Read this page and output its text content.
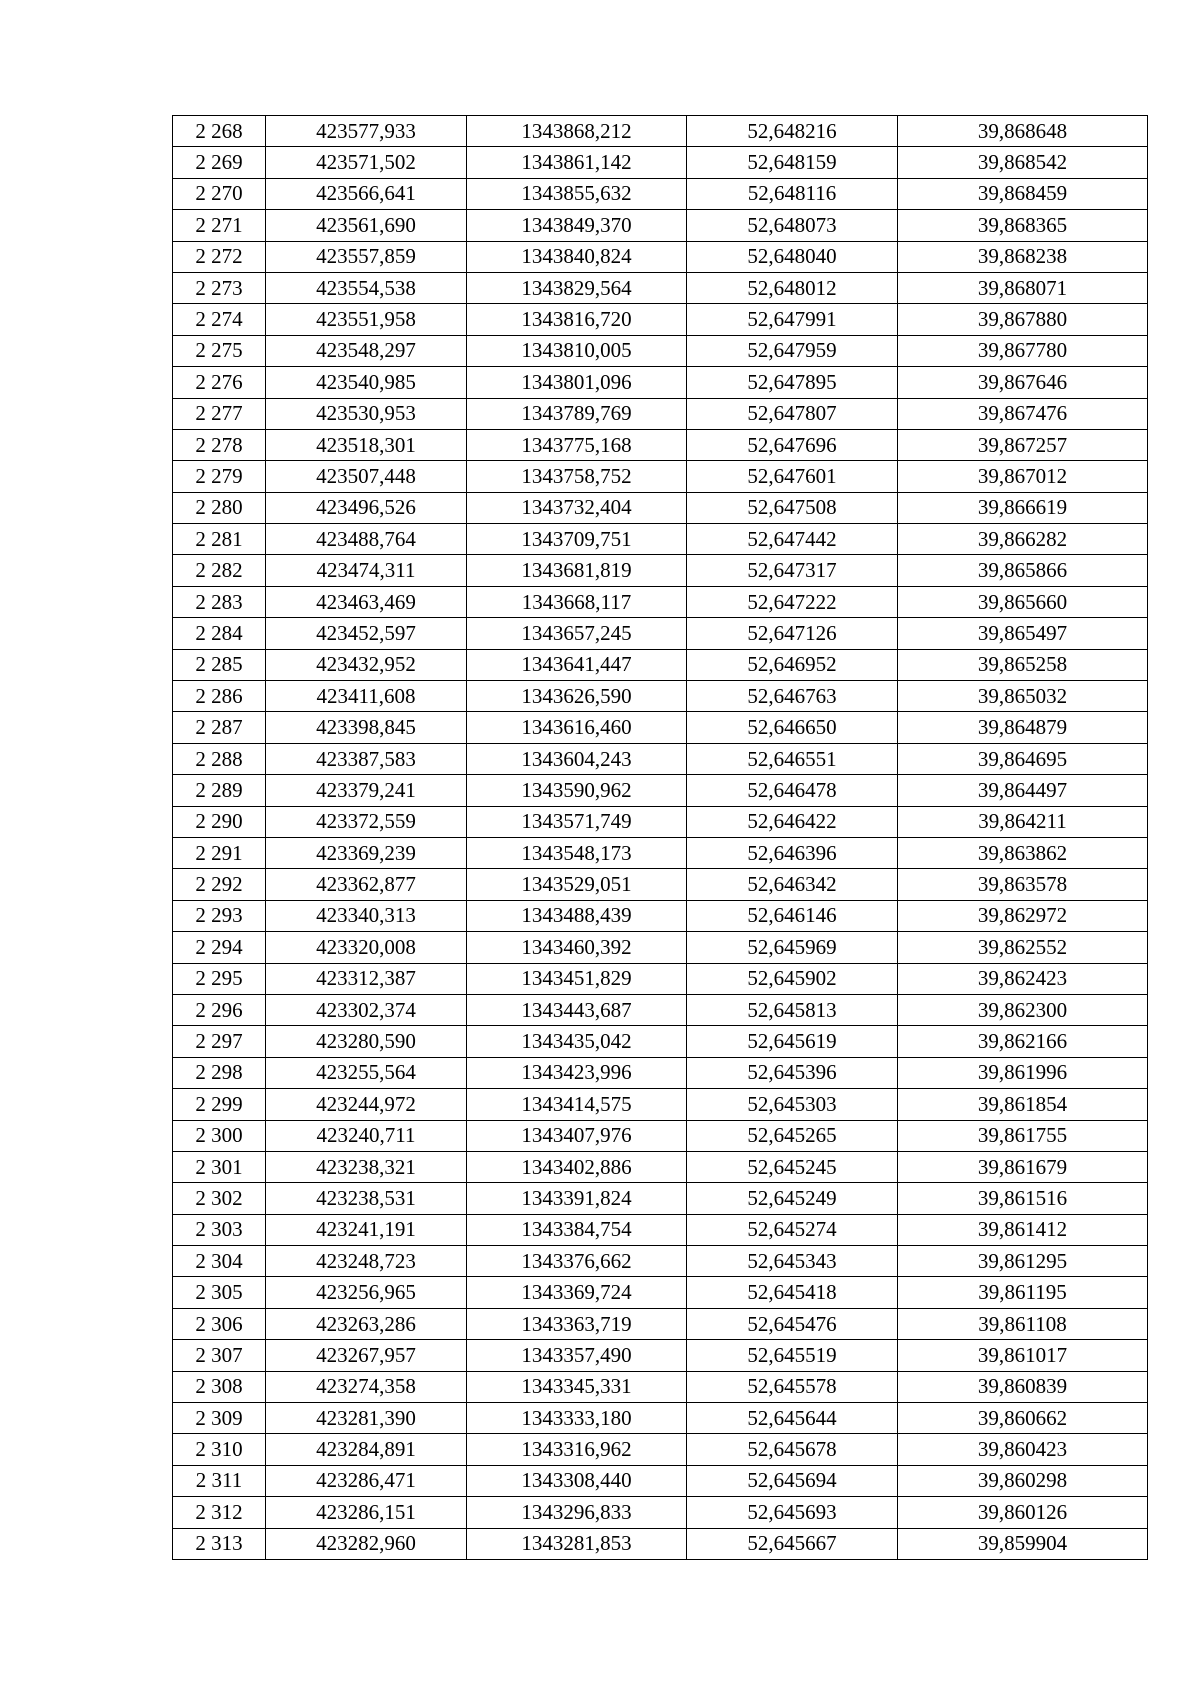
2 268	423577,933	1343868,212	52,648216	39,868648
2 269	423571,502	1343861,142	52,648159	39,868542
2 270	423566,641	1343855,632	52,648116	39,868459
2 271	423561,690	1343849,370	52,648073	39,868365
2 272	423557,859	1343840,824	52,648040	39,868238
2 273	423554,538	1343829,564	52,648012	39,868071
2 274	423551,958	1343816,720	52,647991	39,867880
2 275	423548,297	1343810,005	52,647959	39,867780
2 276	423540,985	1343801,096	52,647895	39,867646
2 277	423530,953	1343789,769	52,647807	39,867476
2 278	423518,301	1343775,168	52,647696	39,867257
2 279	423507,448	1343758,752	52,647601	39,867012
2 280	423496,526	1343732,404	52,647508	39,866619
2 281	423488,764	1343709,751	52,647442	39,866282
2 282	423474,311	1343681,819	52,647317	39,865866
2 283	423463,469	1343668,117	52,647222	39,865660
2 284	423452,597	1343657,245	52,647126	39,865497
2 285	423432,952	1343641,447	52,646952	39,865258
2 286	423411,608	1343626,590	52,646763	39,865032
2 287	423398,845	1343616,460	52,646650	39,864879
2 288	423387,583	1343604,243	52,646551	39,864695
2 289	423379,241	1343590,962	52,646478	39,864497
2 290	423372,559	1343571,749	52,646422	39,864211
2 291	423369,239	1343548,173	52,646396	39,863862
2 292	423362,877	1343529,051	52,646342	39,863578
2 293	423340,313	1343488,439	52,646146	39,862972
2 294	423320,008	1343460,392	52,645969	39,862552
2 295	423312,387	1343451,829	52,645902	39,862423
2 296	423302,374	1343443,687	52,645813	39,862300
2 297	423280,590	1343435,042	52,645619	39,862166
2 298	423255,564	1343423,996	52,645396	39,861996
2 299	423244,972	1343414,575	52,645303	39,861854
2 300	423240,711	1343407,976	52,645265	39,861755
2 301	423238,321	1343402,886	52,645245	39,861679
2 302	423238,531	1343391,824	52,645249	39,861516
2 303	423241,191	1343384,754	52,645274	39,861412
2 304	423248,723	1343376,662	52,645343	39,861295
2 305	423256,965	1343369,724	52,645418	39,861195
2 306	423263,286	1343363,719	52,645476	39,861108
2 307	423267,957	1343357,490	52,645519	39,861017
2 308	423274,358	1343345,331	52,645578	39,860839
2 309	423281,390	1343333,180	52,645644	39,860662
2 310	423284,891	1343316,962	52,645678	39,860423
2 311	423286,471	1343308,440	52,645694	39,860298
2 312	423286,151	1343296,833	52,645693	39,860126
2 313	423282,960	1343281,853	52,645667	39,859904
